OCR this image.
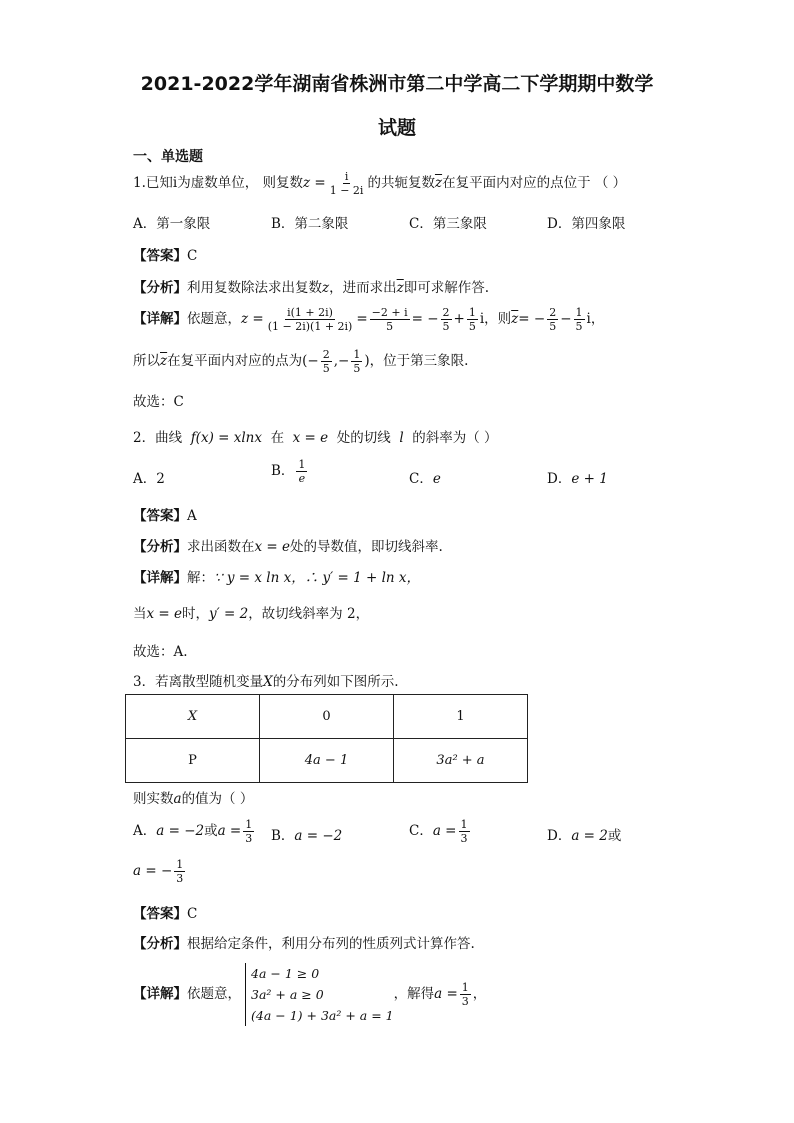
2021-2022学年湖南省株洲市第二中学高二下学期期中数学
试题
一、单选题
1.已知i为虚数单位， 则复数$z = \frac{i}{1 - 2i}$ 的共轭复数$\overline{z}$在复平面内对应的点位于 （ ）
A．第一象限	B．第二象限	C．第三象限	D．第四象限
【答案】C
【分析】利用复数除法求出复数z，进而求出$\overline{z}$即可求解作答.
【详解】依题意，$z = \frac{i(1 + 2i)}{(1 - 2i)(1 + 2i)} = \frac{-2 + i}{5}$ = − $\frac{2}{5} + \frac{1}{5}$ i，则$\overline{z}= - \frac{2}{5} - \frac{1}{5}$ i，
所以$\overline{z}$在复平面内对应的点为(− $\frac{2}{5}$ ,− $\frac{1}{5}$ )，位于第三象限.
故选：C
2．曲线 f(x) = xlnx 在 x = e 处的切线 l 的斜率为（ ）
A．2	B． $\frac{1}{e}$	C．e	D．e + 1
【答案】A
【分析】求出函数在x = e处的导数值，即切线斜率.
【详解】解：∵ y = x ln x，∴ y′ = 1 + ln x，
当x = e时，y′ = 2，故切线斜率为 2，
故选：A.
3．若离散型随机变量X的分布列如下图所示.
X	0	1
P	4a − 1	3a² + a
则实数a的值为（ ）
A．a = −2或$a = \frac{1}{3}$ B．a = −2	C．$a = \frac{1}{3}$	D．a = 2或
a = − $\frac{1}{3}$
【答案】C
【分析】根据给定条件，利用分布列的性质列式计算作答.
【详解】依题意，4a − 1 ≥ 0
3a² + a ≥ 0
(4a − 1) + 3a² + a = 1，解得$a = \frac{1}{3}$ ，
